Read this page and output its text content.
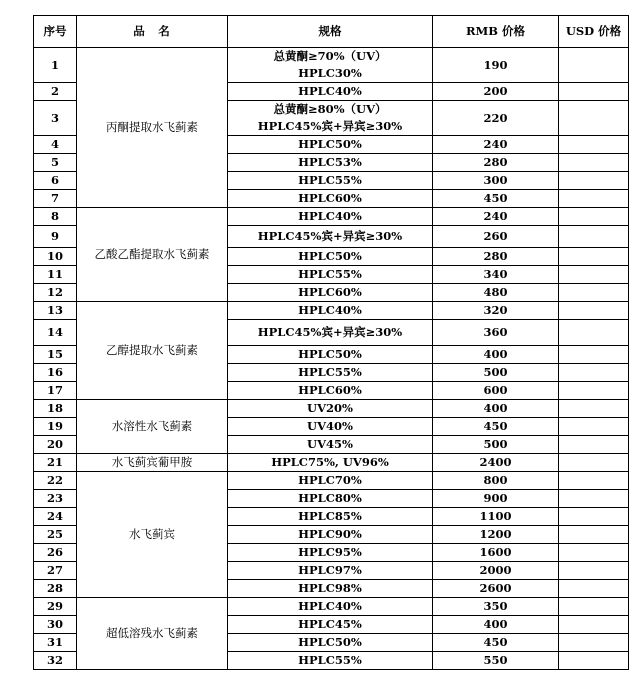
序号	品　名	规格	RMB 价格	USD 价格
1	丙酮提取水飞蓟素	总黄酮≥70%（UV）
HPLC30%	190	
2		HPLC40%	200	
3		总黄酮≥80%（UV）
HPLC45%宾+异宾≥30%	220	
4		HPLC50%	240	
5		HPLC53%	280	
6		HPLC55%	300	
7		HPLC60%	450	
8	乙酸乙酯提取水飞蓟素	HPLC40%	240	
9		HPLC45%宾+异宾≥30%	260	
10		HPLC50%	280	
11		HPLC55%	340	
12		HPLC60%	480	
13	乙醇提取水飞蓟素	HPLC40%	320	
14		HPLC45%宾+异宾≥30%	360	
15		HPLC50%	400	
16		HPLC55%	500	
17		HPLC60%	600	
18	水溶性水飞蓟素	UV20%	400	
19		UV40%	450	
20		UV45%	500	
21	水飞蓟宾葡甲胺	HPLC75%, UV96%	2400	
22	水飞蓟宾	HPLC70%	800	
23		HPLC80%	900	
24		HPLC85%	1100	
25		HPLC90%	1200	
26		HPLC95%	1600	
27		HPLC97%	2000	
28		HPLC98%	2600	
29	超低溶残水飞蓟素	HPLC40%	350	
30		HPLC45%	400	
31		HPLC50%	450	
32		HPLC55%	550	
